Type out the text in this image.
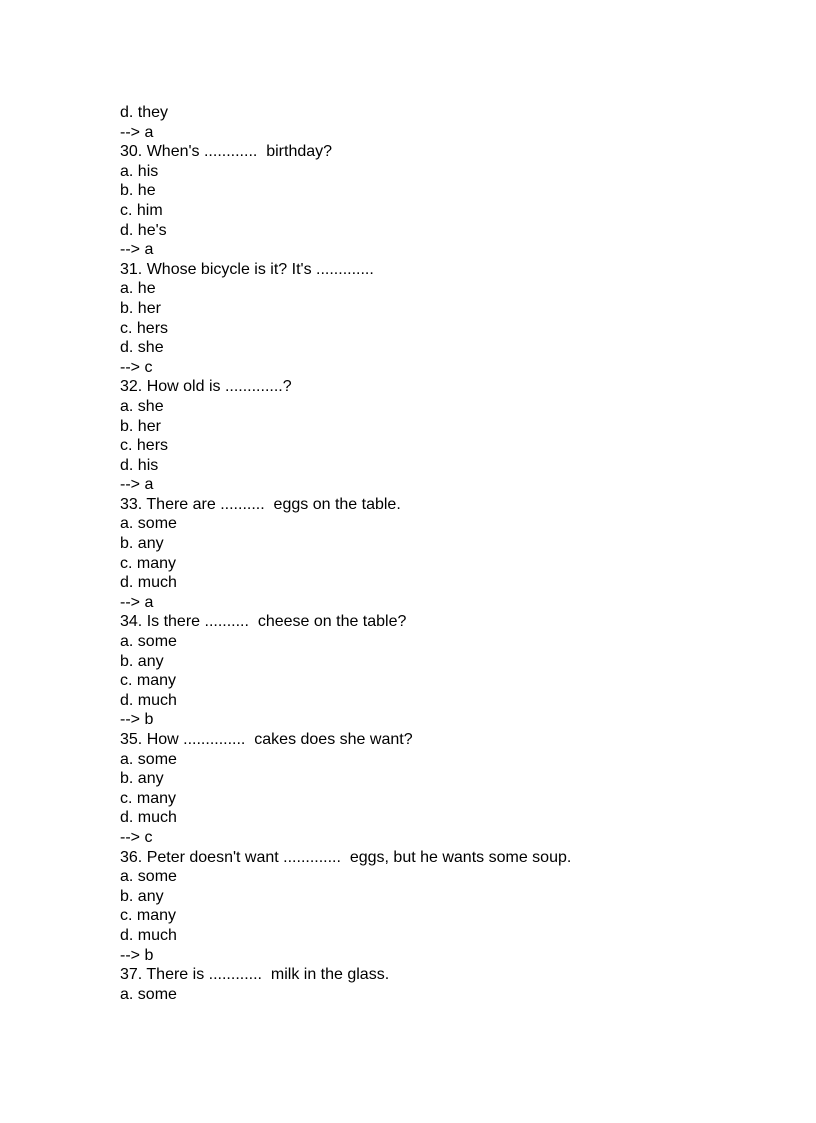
d. they
--> a
30. When's ............  birthday?
a. his
b. he
c. him
d. he's
--> a
31. Whose bicycle is it? It's .............
a. he
b. her
c. hers
d. she
--> c
32. How old is .............?
a. she
b. her
c. hers
d. his
--> a
33. There are ..........  eggs on the table.
a. some
b. any
c. many
d. much
--> a
34. Is there ..........  cheese on the table?
a. some
b. any
c. many
d. much
--> b
35. How ..............  cakes does she want?
a. some
b. any
c. many
d. much
--> c
36. Peter doesn't want .............  eggs, but he wants some soup.
a. some
b. any
c. many
d. much
--> b
37. There is ............  milk in the glass.
a. some
